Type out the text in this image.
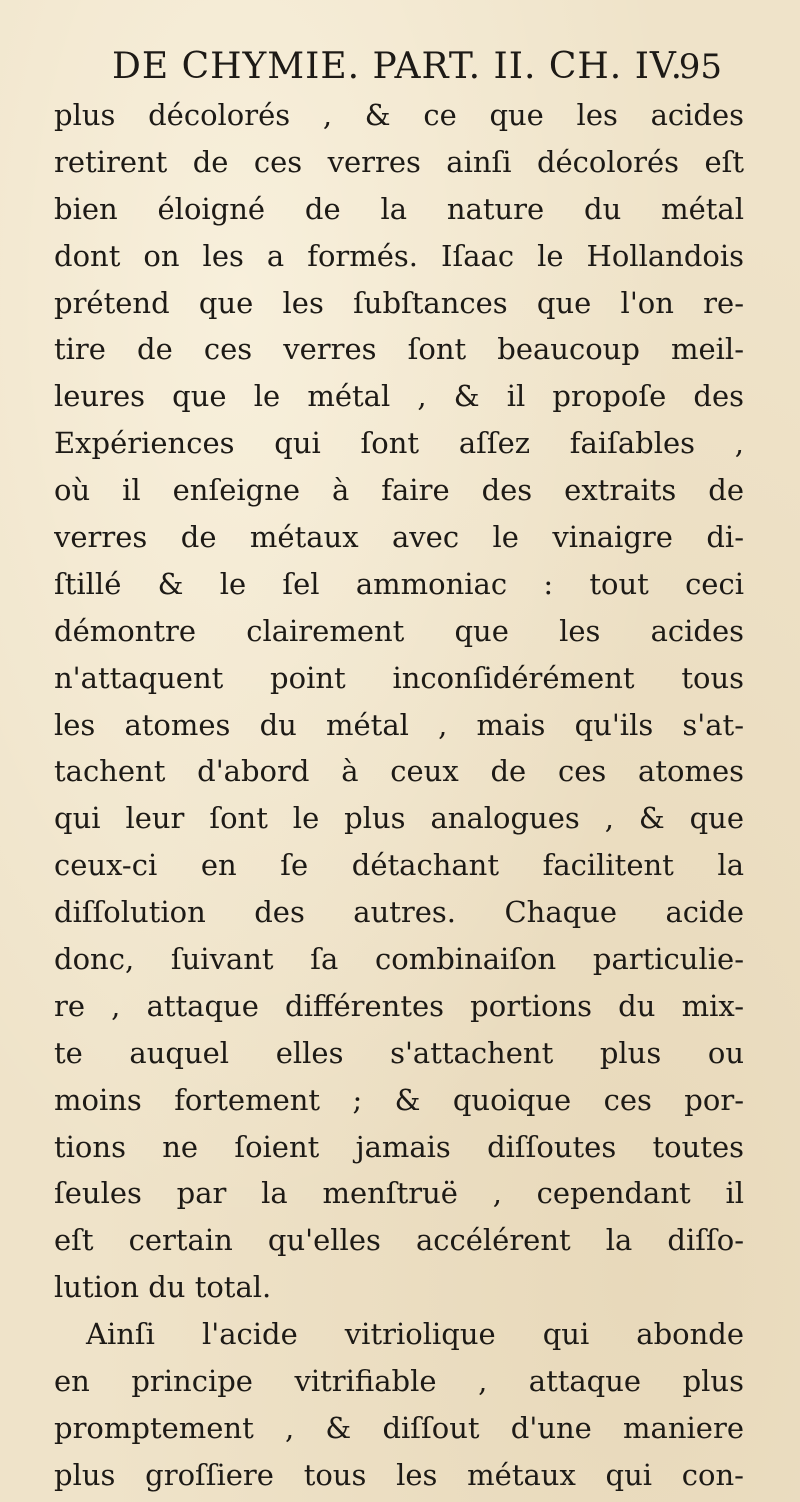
DE CHYMIE. PART. II. CH. IV.
95
plus décolorés , & ce que les acides
retirent de ces verres ainſi décolorés eſt
bien éloigné de la nature du métal
dont on les a formés. Iſaac le Hollandois
prétend que les ſubſtances que l'on re-
tire de ces verres ſont beaucoup meil-
leures que le métal , & il propoſe des
Expériences qui ſont aſſez faiſables ,
où il enſeigne à faire des extraits de
verres de métaux avec le vinaigre di-
ſtillé & le ſel ammoniac : tout ceci
démontre clairement que les acides
n'attaquent point inconſidérément tous
les atomes du métal , mais qu'ils s'at-
tachent d'abord à ceux de ces atomes
qui leur ſont le plus analogues , & que
ceux-ci en ſe détachant facilitent la
diſſolution des autres. Chaque acide
donc, ſuivant ſa combinaiſon particulie-
re , attaque différentes portions du mix-
te auquel elles s'attachent plus ou
moins fortement ; & quoique ces por-
tions ne ſoient jamais diſſoutes toutes
ſeules par la menſtruë , cependant il
eſt certain qu'elles accélérent la diſſo-
lution du total.
Ainſi l'acide vitriolique qui abonde
en principe vitrifiable , attaque plus
promptement , & diſſout d'une maniere
plus groſſiere tous les métaux qui con-
